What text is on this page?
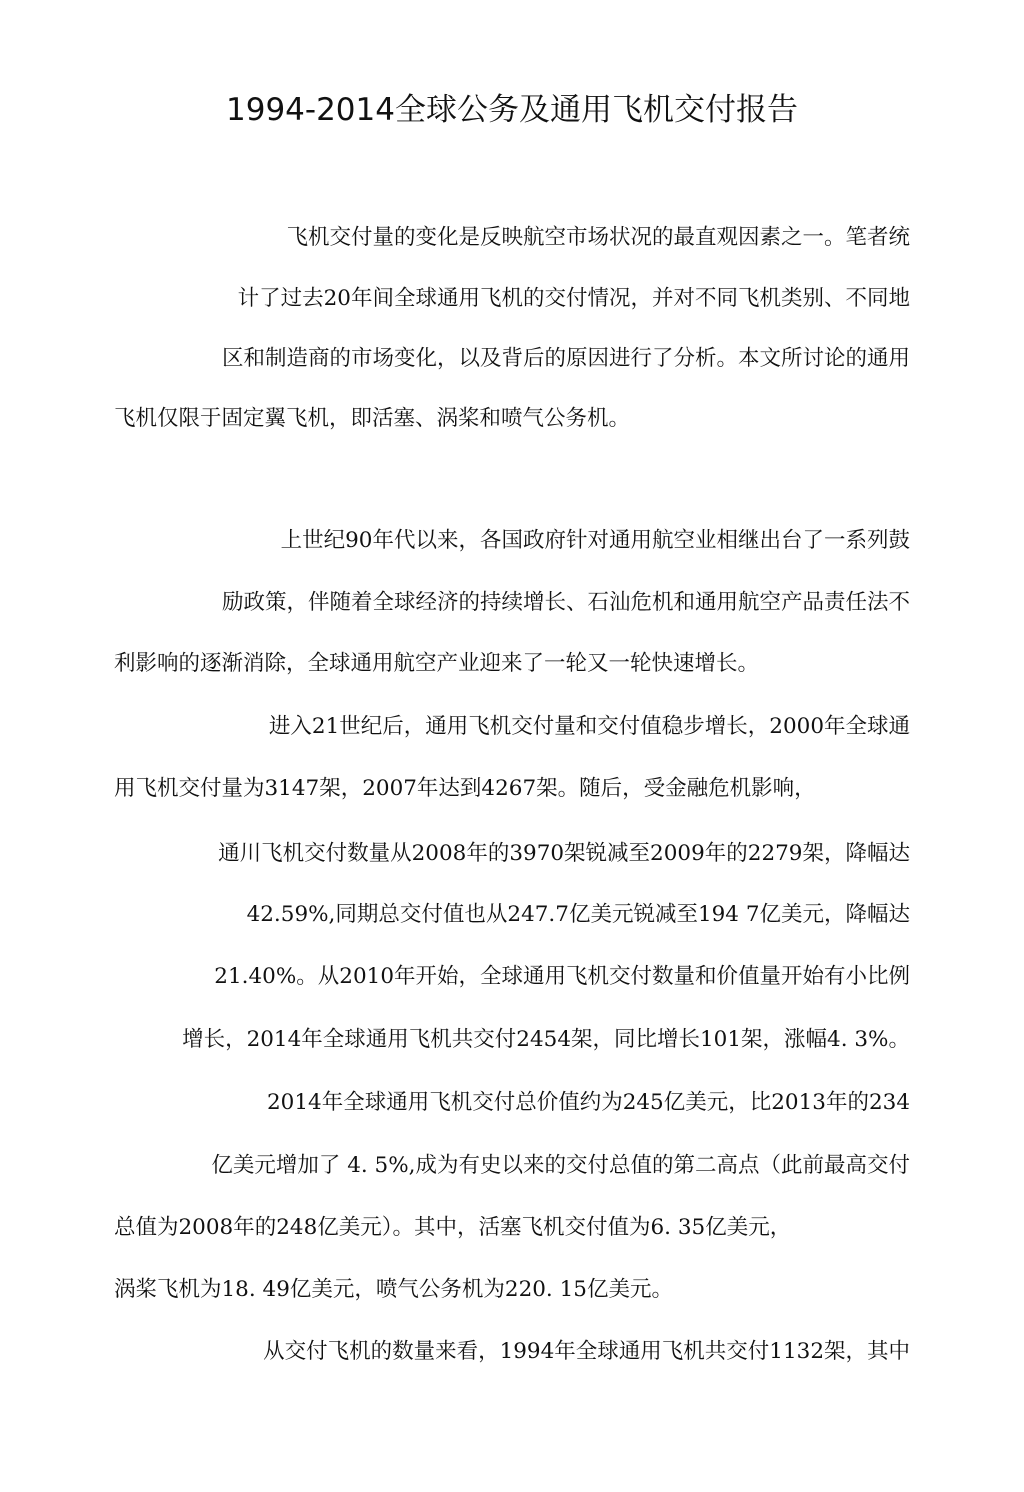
1994-2014全球公务及通用飞机交付报告
飞机交付量的变化是反映航空市场状况的最直观因素之一。笔者统
计了过去20年间全球通用飞机的交付情况，并对不同飞机类别、不同地
区和制造商的市场变化，以及背后的原因进行了分析。本文所讨论的通用
飞机仅限于固定翼飞机，即活塞、涡桨和喷气公务机。
上世纪90年代以来，各国政府针对通用航空业相继出台了一系列鼓
励政策，伴随着全球经济的持续增长、石汕危机和通用航空产品责任法不
利影响的逐渐消除，全球通用航空产业迎来了一轮又一轮快速增长。
进入21世纪后，通用飞机交付量和交付值稳步增长，2000年全球通
用飞机交付量为3147架，2007年达到4267架。随后，受金融危机影响，
通川飞机交付数量从2008年的3970架锐减至2009年的2279架，降幅达
42.59%,同期总交付值也从247.7亿美元锐减至194 7亿美元，降幅达
21.40%。从2010年开始，全球通用飞机交付数量和价值量开始有小比例
增长，2014年全球通用飞机共交付2454架，同比增长101架，涨幅4. 3%。
2014年全球通用飞机交付总价值约为245亿美元，比2013年的234
亿美元增加了 4. 5%,成为有史以来的交付总值的第二高点（此前最高交付
总值为2008年的248亿美元）。其中，活塞飞机交付值为6. 35亿美元，
涡桨飞机为18. 49亿美元，喷气公务机为220. 15亿美元。
从交付飞机的数量来看，1994年全球通用飞机共交付1132架，其中
